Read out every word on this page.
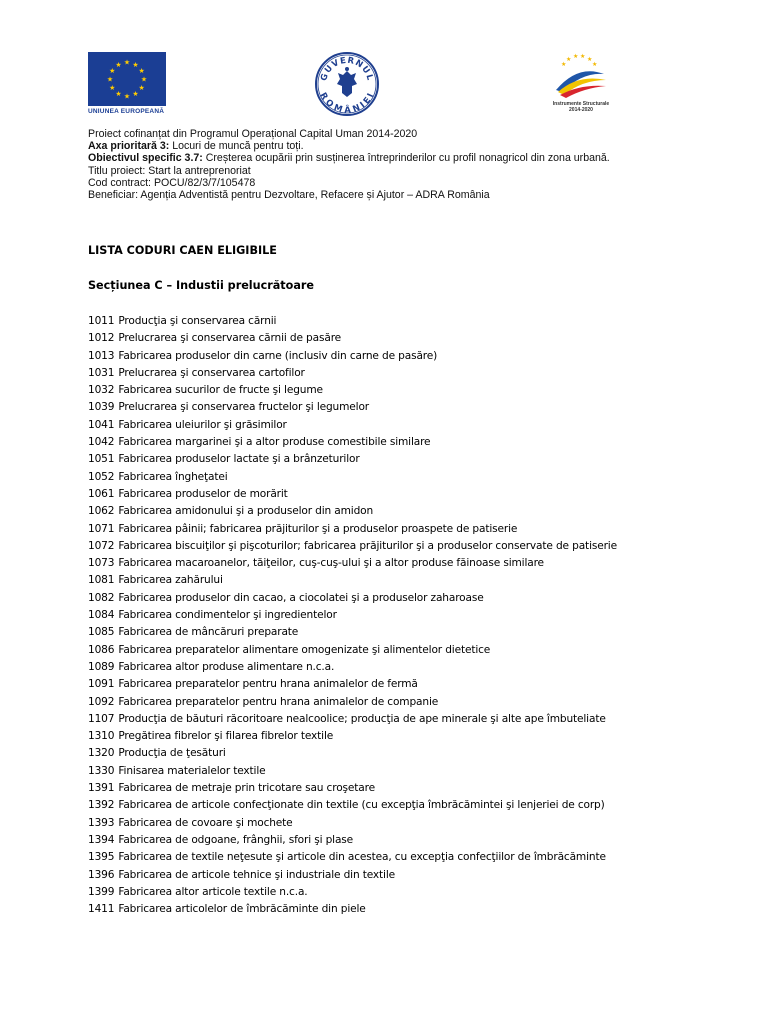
★ ★
★
★
★
★
★
★
★
★
★
★
UNIUNEA EUROPEANĂ
GUVERNUL
ROMÂNIEI
★ ★ ★ ★
★	★
Instrumente Structurale
2014-2020
Proiect cofinanțat din Programul Operațional Capital Uman 2014-2020
Axa prioritară 3: Locuri de muncă pentru toți.
Obiectivul specific 3.7: Creșterea ocupării prin susținerea întreprinderilor cu profil nonagricol din zona urbană.
Titlu proiect: Start la antreprenoriat
Cod contract: POCU/82/3/7/105478
Beneficiar: Agenția Adventistă pentru Dezvoltare, Refacere și Ajutor – ADRA România
LISTA CODURI CAEN ELIGIBILE
Secțiunea C – Industii prelucrătoare
1011 Producţia şi conservarea cărnii
1012 Prelucrarea şi conservarea cărnii de pasăre
1013 Fabricarea produselor din carne (inclusiv din carne de pasăre)
1031 Prelucrarea şi conservarea cartofilor
1032 Fabricarea sucurilor de fructe şi legume
1039 Prelucrarea şi conservarea fructelor şi legumelor
1041 Fabricarea uleiurilor şi grăsimilor
1042 Fabricarea margarinei şi a altor produse comestibile similare
1051 Fabricarea produselor lactate şi a brânzeturilor
1052 Fabricarea îngheţatei
1061 Fabricarea produselor de morărit
1062 Fabricarea amidonului şi a produselor din amidon
1071 Fabricarea pâinii; fabricarea prăjiturilor şi a produselor proaspete de patiserie
1072 Fabricarea biscuiţilor şi pişcoturilor; fabricarea prăjiturilor şi a produselor conservate de patiserie
1073 Fabricarea macaroanelor, tăiţeilor, cuş-cuş-ului şi a altor produse făinoase similare
1081 Fabricarea zahărului
1082 Fabricarea produselor din cacao, a ciocolatei şi a produselor zaharoase
1084 Fabricarea condimentelor şi ingredientelor
1085 Fabricarea de mâncăruri preparate
1086 Fabricarea preparatelor alimentare omogenizate şi alimentelor dietetice
1089 Fabricarea altor produse alimentare n.c.a.
1091 Fabricarea preparatelor pentru hrana animalelor de fermă
1092 Fabricarea preparatelor pentru hrana animalelor de companie
1107 Producţia de băuturi răcoritoare nealcoolice; producţia de ape minerale şi alte ape îmbuteliate
1310 Pregătirea fibrelor şi filarea fibrelor textile
1320 Producţia de ţesături
1330 Finisarea materialelor textile
1391 Fabricarea de metraje prin tricotare sau croşetare
1392 Fabricarea de articole confecţionate din textile (cu excepţia îmbrăcămintei şi lenjeriei de corp)
1393 Fabricarea de covoare şi mochete
1394 Fabricarea de odgoane, frânghii, sfori şi plase
1395 Fabricarea de textile neţesute şi articole din acestea, cu excepţia confecţiilor de îmbrăcăminte
1396 Fabricarea de articole tehnice şi industriale din textile
1399 Fabricarea altor articole textile n.c.a.
1411 Fabricarea articolelor de îmbrăcăminte din piele
